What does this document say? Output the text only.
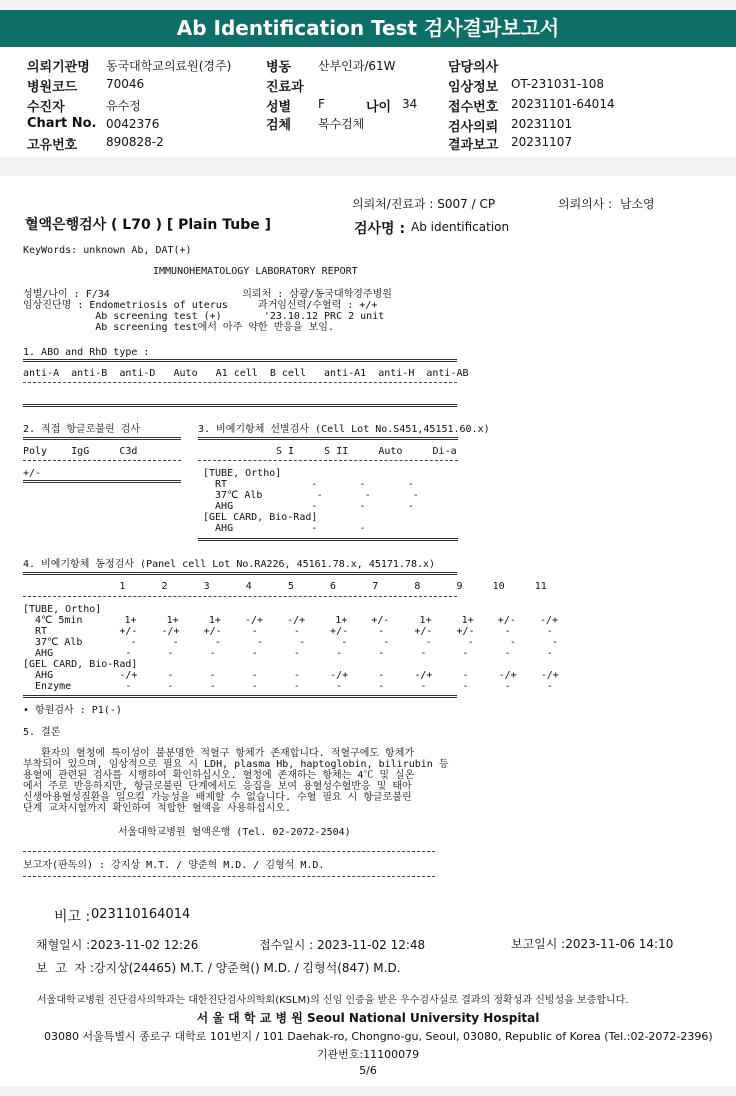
Ab Identification Test 검사결과보고서
의뢰기관명 동국대학교의료원(경주)
병원코드 70046
수진자	유수정
Chart No. 0042376
고유번호 890828-2
병동 산부인과/61W
진료과
성별 F	나이 34
검체 복수검체
담당의사
임상정보 OT-231031-108
접수번호 20231101-64014
검사의뢰 20231101
결과보고 20231107
의뢰처/진료과 : S007 / CP	의뢰의사 :  남소영
혈액은행검사 ( L70 ) [ Plain Tube ]	검사명 : Ab identification
KeyWords: unknown Ab, DAT(+)
IMMUNOHEMATOLOGY LABORATORY REPORT
성별/나이 : F/34                      의뢰처 : 삼광/동국대학경주병원
임상진단명 : Endometriosis of uterus     과거임신력/수혈력 : +/+
Ab screening test (+)       '23.10.12 PRC 2 unit
Ab screening test에서 아주 약한 반응을 보임.
1. ABO and RhD type :
anti-A  anti-B  anti-D   Auto   A1 cell  B cell   anti-A1  anti-H  anti-AB
2. 직접 항글로불린 검사
Poly    IgG     C3d
+/-
3. 비예기항체 선별검사 (Cell Lot No.S451,45151.60.x)
S I     S II     Auto     Di-a
[TUBE, Ortho]
RT              -       -       -
37℃ Alb         -       -       -
AHG             -       -       -
[GEL CARD, Bio-Rad]
AHG             -       -
4. 비예기항체 동정검사 (Panel cell Lot No.RA226, 45161.78.x, 45171.78.x)
1      2      3      4      5      6      7      8      9     10     11
[TUBE, Ortho]
4℃ 5min       1+     1+     1+    -/+    -/+     1+    +/-     1+     1+    +/-    -/+
RT            +/-    -/+    +/-     -      -     +/-     -     +/-    +/-     -      -
37℃ Alb        -      -      -      -      -      -      -      -      -      -      -
AHG            -      -      -      -      -      -      -      -      -      -      -
[GEL CARD, Bio-Rad]
AHG           -/+     -      -      -      -     -/+     -     -/+     -     -/+    -/+
Enzyme         -      -      -      -      -      -      -      -      -      -      -
• 항원검사 : P1(-)
5. 결론
환자의 혈청에 특이성이 불분명한 적혈구 항체가 존재합니다. 적혈구에도 항체가
부착되어 있으며, 임상적으로 필요 시 LDH, plasma Hb, haptoglobin, bilirubin 등
용혈에 관련된 검사를 시행하여 확인하십시오. 혈청에 존재하는 항체는 4℃ 및 실온
에서 주로 반응하지만, 항글로불린 단계에서도 응집을 보여 용혈성수혈반응 및 태아
신생아용혈성질환을 일으킬 가능성을 배제할 수 없습니다. 수혈 필요 시 항글로불린
단계 교차시험까지 확인하여 적합한 혈액을 사용하십시오.
서울대학교병원 혈액은행 (Tel. 02-2072-2504)
보고자(판독의) : 강지상 M.T. / 양준혁 M.D. / 김형석 M.D.
비고 : 023110164014
채혈일시 :2023-11-02 12:26	접수일시 : 2023-11-02 12:48	보고일시 :2023-11-06 14:10
보  고  자 :강지상(24465) M.T. / 양준혁() M.D. / 김형석(847) M.D.
서울대학교병원 진단검사의학과는 대한진단검사의학회(KSLM)의 신임 인증을 받은 우수검사실로 결과의 정확성과 신빙성을 보증합니다.
서 울 대 학 교 병 원 Seoul National University Hospital
03080 서울특별시 종로구 대학로 101번지 / 101 Daehak-ro, Chongno-gu, Seoul, 03080, Republic of Korea (Tel.:02-2072-2396)
기관번호:11100079
5/6
